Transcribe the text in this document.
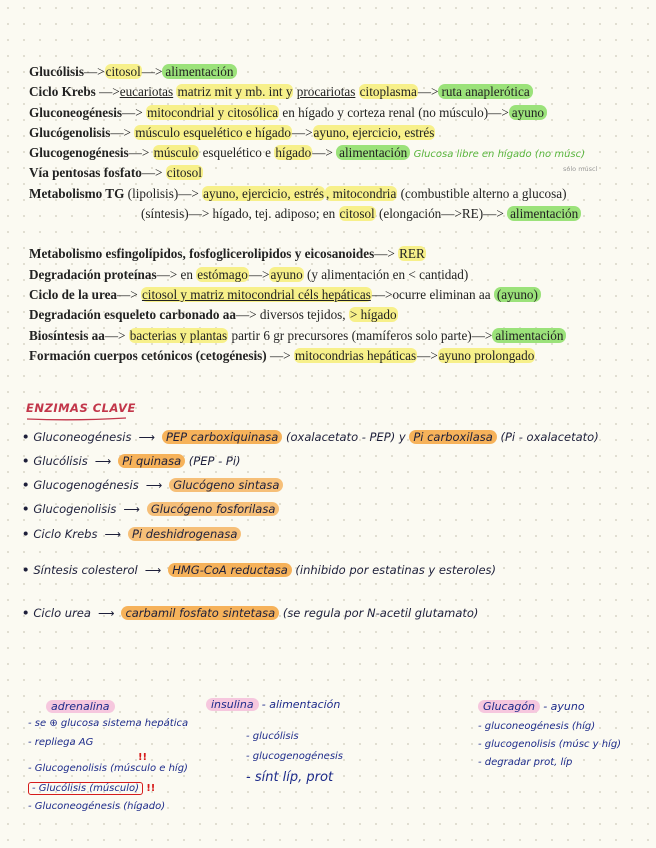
Glucólisis—>citosol—> alimentación
Ciclo Krebs —>eucariotas matriz mit y mb. int y procariotas citoplasma—> ruta anaplerótica
Gluconeogénesis—> mitocondrial y citosólica en hígado y corteza renal (no músculo)—> ayuno
Glucógenolisis—> músculo esquelético e hígado—>ayuno, ejercicio, estrés
Glucogenogénesis—> músculo esquelético e hígado—> alimentación Glucosa libre en hígado (no músc)
Vía pentosas fosfato—> citosol
Metabolismo TG (lipolisis)—> ayuno, ejercicio, estrés , mitocondria (combustible alterno a glucosa)
(síntesis)—> hígado, tej. adiposo; en citosol (elongación—>RE)—> alimentación
Metabolismo esfingolipidos, fosfoglicerolipidos y eicosanoides—> RER
Degradación proteínas—> en estómago—>ayuno (y alimentación en < cantidad)
Ciclo de la urea—> citosol y matriz mitocondrial céls hepáticas—>ocurre eliminan aa (ayuno)
Degradación esqueleto carbonado aa—> diversos tejidos, > hígado
Biosíntesis aa—> bacterias y plantas partir 6 gr precursores (mamíferos solo parte)—> alimentación
Formación cuerpos cetónicos (cetogénesis) —> mitocondrias hepáticas—>ayuno prolongado
sólo múscl
ENZIMAS CLAVE
• Gluconeogénesis ⟶ PEP carboxiquinasa (oxalacetato - PEP) y Pi carboxilasa (Pi - oxalacetato)
• Glucólisis ⟶ Pi quinasa (PEP - Pi)
• Glucogenogénesis ⟶ Glucógeno sintasa
• Glucogenolisis ⟶ Glucógeno fosforilasa
• Ciclo Krebs ⟶ Pi deshidrogenasa
• Síntesis colesterol ⟶ HMG-CoA reductasa (inhibido por estatinas y esteroles)
• Ciclo urea ⟶ carbamil fosfato sintetasa (se regula por N-acetil glutamato)
adrenalina
- se ⊕ glucosa sistema hepática
- repliega AG
!!
- Glucogenolisis (músculo e híg)
- Glucólisis (músculo) !!
- Gluconeogénesis (hígado)
insulina - alimentación
- glucólisis
- glucogenogénesis
- sínt líp, prot
Glucagón - ayuno
- gluconeogénesis (híg)
- glucogenolisis (músc y híg)
- degradar prot, líp
